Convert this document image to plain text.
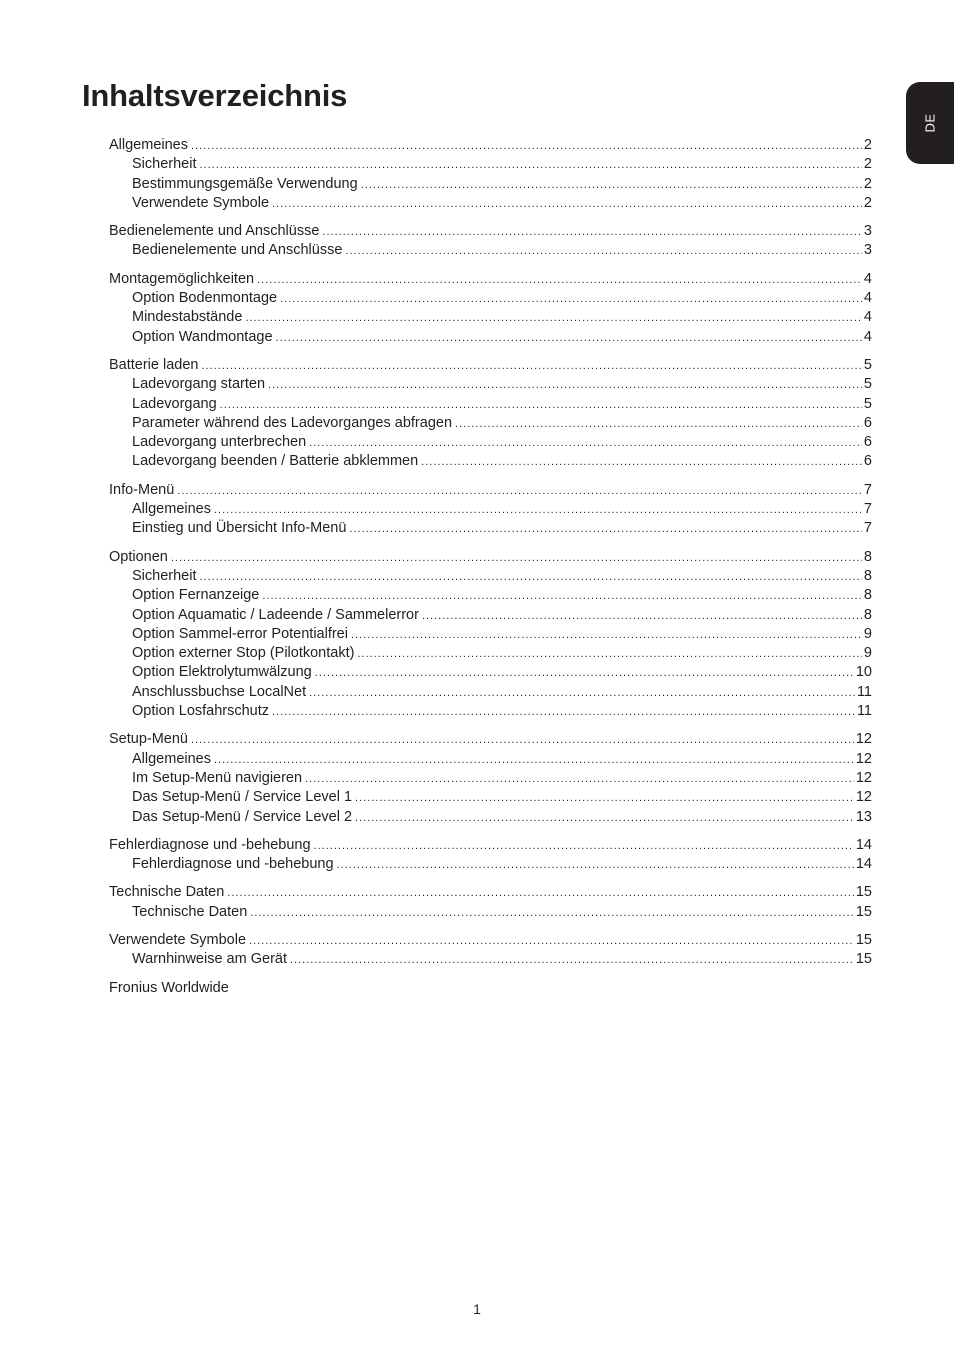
Inhaltsverzeichnis
DE
Allgemeines .....	2
Sicherheit .....	2
Bestimmungsgemäße Verwendung .....	2
Verwendete Symbole .....	2
Bedienelemente und Anschlüsse .....	3
Bedienelemente und Anschlüsse .....	3
Montagemöglichkeiten .....	4
Option Bodenmontage .....	4
Mindestabstände .....	4
Option Wandmontage .....	4
Batterie laden .....	5
Ladevorgang starten .....	5
Ladevorgang .....	5
Parameter während des Ladevorganges abfragen .....	6
Ladevorgang unterbrechen .....	6
Ladevorgang beenden / Batterie abklemmen .....	6
Info-Menü .....	7
Allgemeines .....	7
Einstieg und Übersicht Info-Menü .....	7
Optionen .....	8
Sicherheit .....	8
Option Fernanzeige .....	8
Option Aquamatic / Ladeende / Sammelerror .....	8
Option Sammel-error Potentialfrei .....	9
Option externer Stop (Pilotkontakt) .....	9
Option Elektrolytumwälzung .....	10
Anschlussbuchse LocalNet .....	11
Option Losfahrschutz .....	11
Setup-Menü .....	12
Allgemeines .....	12
Im Setup-Menü navigieren .....	12
Das Setup-Menü / Service Level 1 .....	12
Das Setup-Menü / Service Level 2 .....	13
Fehlerdiagnose und -behebung .....	14
Fehlerdiagnose und -behebung .....	14
Technische Daten .....	15
Technische Daten .....	15
Verwendete Symbole .....	15
Warnhinweise am Gerät .....	15
Fronius Worldwide
1
